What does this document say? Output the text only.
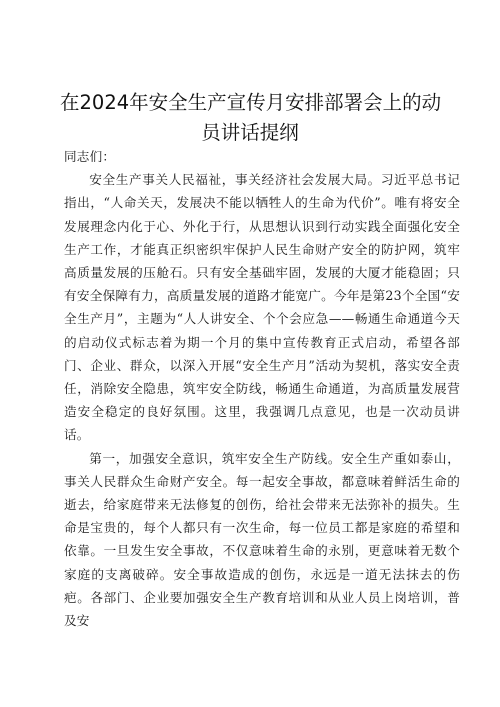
在2024年安全生产宣传月安排部署会上的动
员讲话提纲

同志们：

安全生产事关人民福祉，事关经济社会发展大局。习近平总书记指出，“人命关天，发展决不能以牺牲人的生命为代价”。唯有将安全发展理念内化于心、外化于行，从思想认识到行动实践全面强化安全生产工作，才能真正织密织牢保护人民生命财产安全的防护网，筑牢高质量发展的压舱石。只有安全基础牢固，发展的大厦才能稳固；只有安全保障有力，高质量发展的道路才能宽广。今年是第23个全国“安全生产月”，主题为“人人讲安全、个个会应急——畅通生命通道今天的启动仪式标志着为期一个月的集中宣传教育正式启动，希望各部门、企业、群众，以深入开展“安全生产月”活动为契机，落实安全责任，消除安全隐患，筑牢安全防线，畅通生命通道，为高质量发展营造安全稳定的良好氛围。这里，我强调几点意见，也是一次动员讲话。

第一，加强安全意识，筑牢安全生产防线。安全生产重如泰山，事关人民群众生命财产安全。每一起安全事故，都意味着鲜活生命的逝去，给家庭带来无法修复的创伤，给社会带来无法弥补的损失。生命是宝贵的，每个人都只有一次生命，每一位员工都是家庭的希望和依靠。一旦发生安全事故，不仅意味着生命的永别，更意味着无数个家庭的支离破碎。安全事故造成的创伤，永远是一道无法抹去的伤疤。各部门、企业要加强安全生产教育培训和从业人员上岗培训，普及安
